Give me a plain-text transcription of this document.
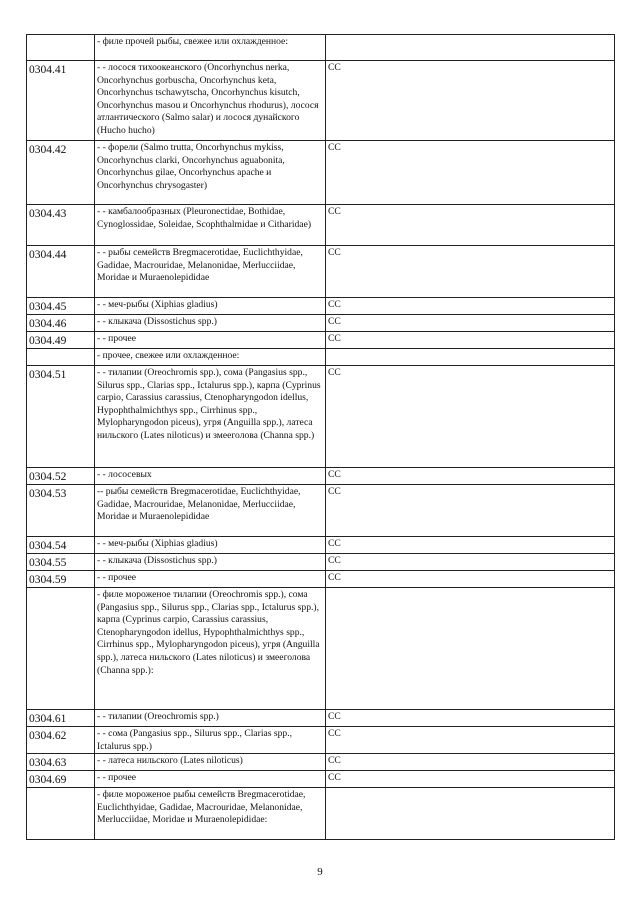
	- филе прочей рыбы, свежее или охлажденное:	
0304.41	- - лосося тихоокеанского (Oncorhynchus nerka, Oncorhynchus gorbuscha, Oncorhynchus keta, Oncorhynchus tschawytscha, Oncorhynchus kisutch, Oncorhynchus masou и Oncorhynchus rhodurus), лосося атлантического (Salmo salar) и лосося дунайского (Hucho hucho)	CC
0304.42	- - форели (Salmo trutta, Oncorhynchus mykiss, Oncorhynchus clarki, Oncorhynchus aguabonita, Oncorhynchus gilae, Oncorhynchus apache и Oncorhynchus chrysogaster)	CC
0304.43	- - камбалообразных (Pleuronectidae, Bothidae, Cynoglossidae, Soleidae, Scophthalmidae и Citharidae)	CC
0304.44	- - рыбы семейств Bregmacerotidae, Euclichthyidae, Gadidae, Macrouridae, Melanonidae, Merlucciidae, Moridae и Muraenolepididae	CC
0304.45	- - меч-рыбы (Xiphias gladius)	CC
0304.46	- - клыкача (Dissostichus spp.)	CC
0304.49	- - прочее	CC
	- прочее, свежее или охлажденное:	
0304.51	- - тилапии (Oreochromis spp.), сома (Pangasius spp., Silurus spp., Clarias spp., Ictalurus spp.), карпа (Cyprinus carpio, Carassius carassius, Ctenopharyngodon idellus, Hypophthalmichthys spp., Cirrhinus spp., Mylopharyngodon piceus), угря (Anguilla spp.), латеса нильского (Lates niloticus) и змееголова (Channa spp.)	CC
0304.52	- - лососевых	CC
0304.53	-- рыбы семейств Bregmacerotidae, Euclichthyidae, Gadidae, Macrouridae, Melanonidae, Merlucciidae, Moridae и Muraenolepididae	CC
0304.54	- - меч-рыбы (Xiphias gladius)	CC
0304.55	- - клыкача (Dissostichus spp.)	CC
0304.59	- - прочее	CC
	- филе мороженое тилапии (Oreochromis spp.), сома (Pangasius spp., Silurus spp., Clarias spp., Ictalurus spp.), карпа (Cyprinus carpio, Carassius carassius, Ctenopharyngodon idellus, Hypophthalmichthys spp., Cirrhinus spp., Mylopharyngodon piceus), угря (Anguilla spp.), латеса нильского (Lates niloticus) и змееголова (Channa spp.):	
0304.61	- - тилапии (Oreochromis spp.)	CC
0304.62	- - сома (Pangasius spp., Silurus spp., Clarias spp., Ictalurus spp.)	CC
0304.63	- - латеса нильского (Lates niloticus)	CC
0304.69	- - прочее	CC
	- филе мороженое рыбы семейств Bregmacerotidae, Euclichthyidae, Gadidae, Macrouridae, Melanonidae, Merlucciidae, Moridae и Muraenolepididae:	
9
